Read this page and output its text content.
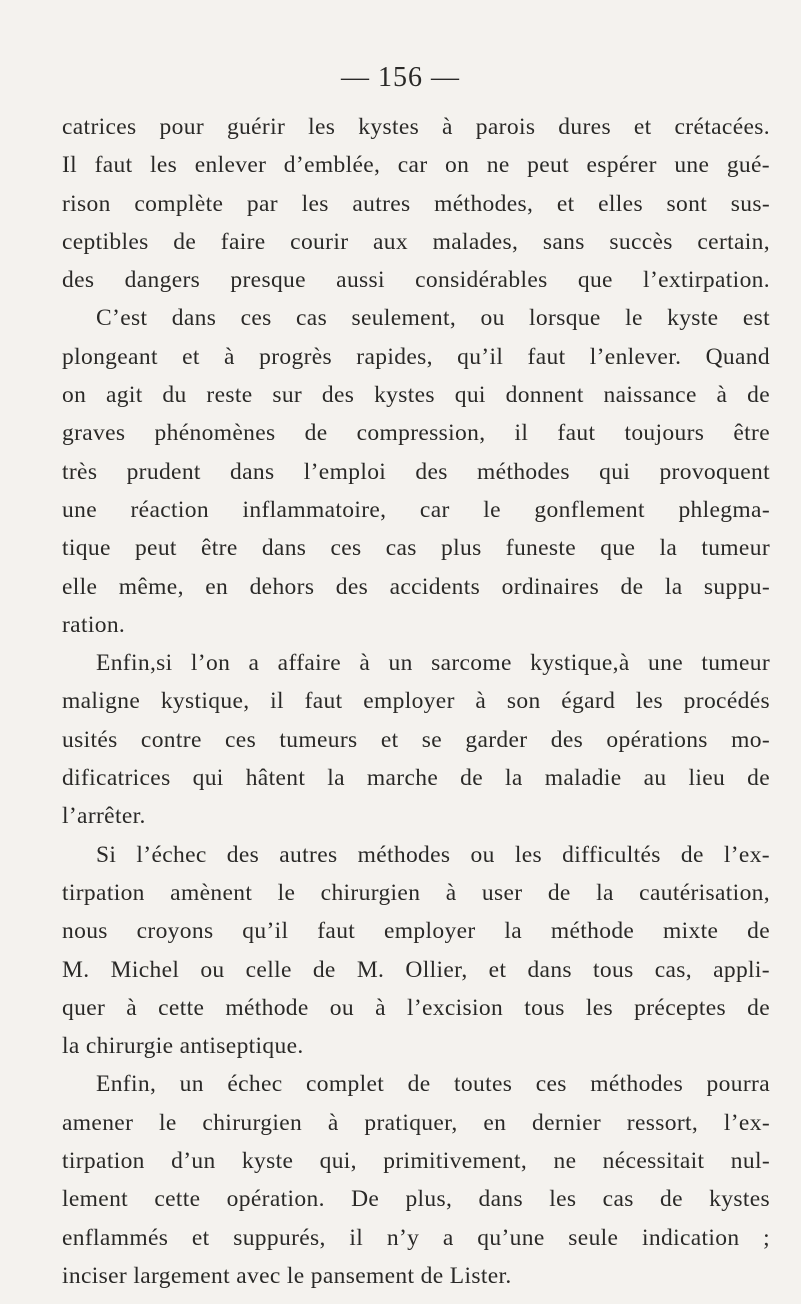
— 156 —
catrices pour guérir les kystes à parois dures et crétacées.
Il faut les enlever d’emblée, car on ne peut espérer une gué-
rison complète par les autres méthodes, et elles sont sus-
ceptibles de faire courir aux malades, sans succès certain,
des dangers presque aussi considérables que l’extirpation.
C’est dans ces cas seulement, ou lorsque le kyste est
plongeant et à progrès rapides, qu’il faut l’enlever. Quand
on agit du reste sur des kystes qui donnent naissance à de
graves phénomènes de compression, il faut toujours être
très prudent dans l’emploi des méthodes qui provoquent
une réaction inflammatoire, car le gonflement phlegma-
tique peut être dans ces cas plus funeste que la tumeur
elle même, en dehors des accidents ordinaires de la suppu-
ration.
Enfin,si l’on a affaire à un sarcome kystique,à une tumeur
maligne kystique, il faut employer à son égard les procédés
usités contre ces tumeurs et se garder des opérations mo-
dificatrices qui hâtent la marche de la maladie au lieu de
l’arrêter.
Si l’échec des autres méthodes ou les difficultés de l’ex-
tirpation amènent le chirurgien à user de la cautérisation,
nous croyons qu’il faut employer la méthode mixte de
M. Michel ou celle de M. Ollier, et dans tous cas, appli-
quer à cette méthode ou à l’excision tous les préceptes de
la chirurgie antiseptique.
Enfin, un échec complet de toutes ces méthodes pourra
amener le chirurgien à pratiquer, en dernier ressort, l’ex-
tirpation d’un kyste qui, primitivement, ne nécessitait nul-
lement cette opération. De plus, dans les cas de kystes
enflammés et suppurés, il n’y a qu’une seule indication ;
inciser largement avec le pansement de Lister.
